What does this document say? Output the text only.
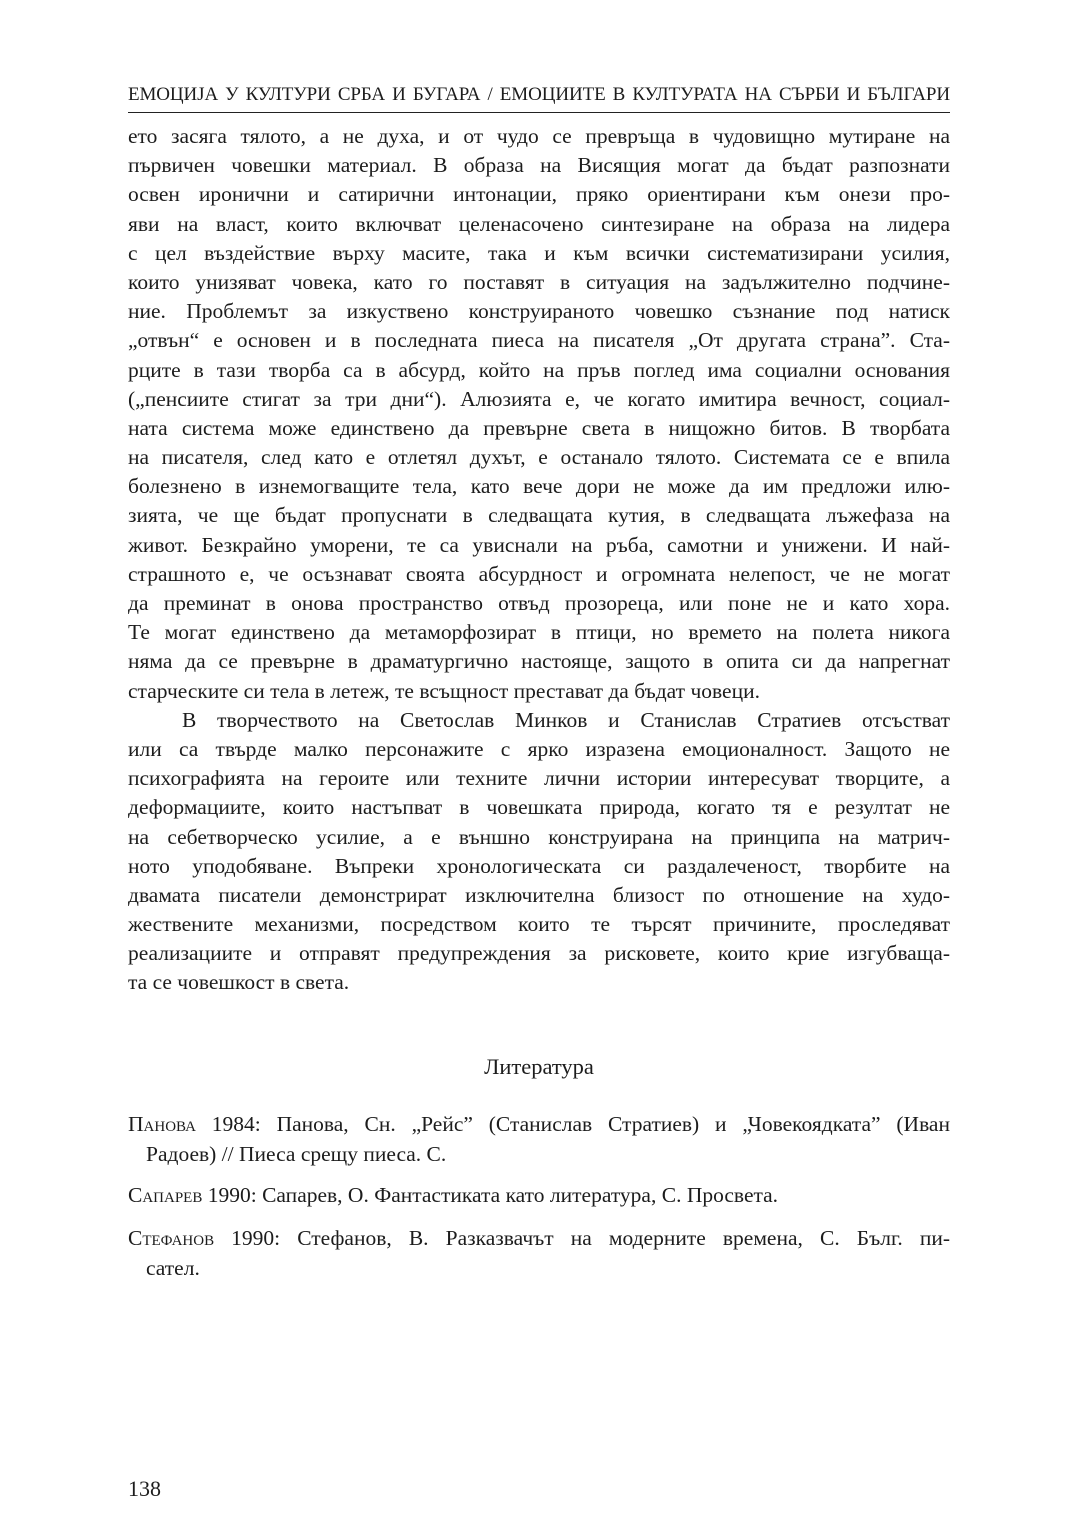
ЕМОЦИЈА У КУЛТУРИ СРБА И БУГАРА / ЕМОЦИИТЕ В КУЛТУРАТА НА СЪРБИ И БЪЛГАРИ
ето засяга тялото, а не духа, и от чудо се превръща в чудовищно мутиране на
първичен човешки материал. В образа на Висящия могат да бъдат разпознати
освен иронични и сатирични интонации, пряко ориентирани към онези про-
яви на власт, които включват целенасочено синтезиране на образа на лидера
с цел въздействие върху масите, така и към всички систематизирани усилия,
които унизяват човека, като го поставят в ситуация на задължително подчине-
ние. Проблемът за изкуствено конструираното човешко съзнание под натиск
„отвън“ е основен и в последната пиеса на писателя „От другата страна”. Ста-
рците в тази творба са в абсурд, който на пръв поглед има социални основания
(„пенсиите стигат за три дни“). Алюзията е, че когато имитира вечност, социал-
ната система може единствено да превърне света в нищожно битов. В творбата
на писателя, след като е отлетял духът, е останало тялото. Системата се е впила
болезнено в изнемогващите тела, като вече дори не може да им предложи илю-
зията, че ще бъдат пропуснати в следващата кутия, в следващата лъжефаза на
живот. Безкрайно уморени, те са увиснали на ръба, самотни и унижени. И най-
страшното е, че осъзнават своята абсурдност и огромната нелепост, че не могат
да преминат в онова пространство отвъд прозореца, или поне не и като хора.
Те могат единствено да метаморфозират в птици, но времето на полета никога
няма да се превърне в драматургично настояще, защото в опита си да напрегнат
старческите си тела в летеж, те всъщност престават да бъдат човеци.
В творчеството на Светослав Минков и Станислав Стратиев отсъстват
или са твърде малко персонажите с ярко изразена емоционалност. Защото не
психографията на героите или техните лични истории интересуват творците, а
деформациите, които настъпват в човешката природа, когато тя е резултат не
на себетворческо усилие, а е външно конструирана на принципа на матрич-
ното уподобяване. Въпреки хронологическата си раздалеченост, творбите на
двамата писатели демонстрират изключителна близост по отношение на худо-
жествените механизми, посредством които те търсят причините, проследяват
реализациите и отправят предупреждения за рисковете, които крие изгубваща-
та се човешкост в света.
Литература
Панова 1984: Панова, Сн. „Рейс” (Станислав Стратиев) и „Човекоядката” (Иван
Радоев) // Пиеса срещу пиеса. С.
Сапарев 1990: Сапарев, О. Фантастиката като литература, С. Просвета.
Стефанов 1990: Стефанов, В. Разказвачът на модерните времена, С. Бълг. пи-
сател.
138
